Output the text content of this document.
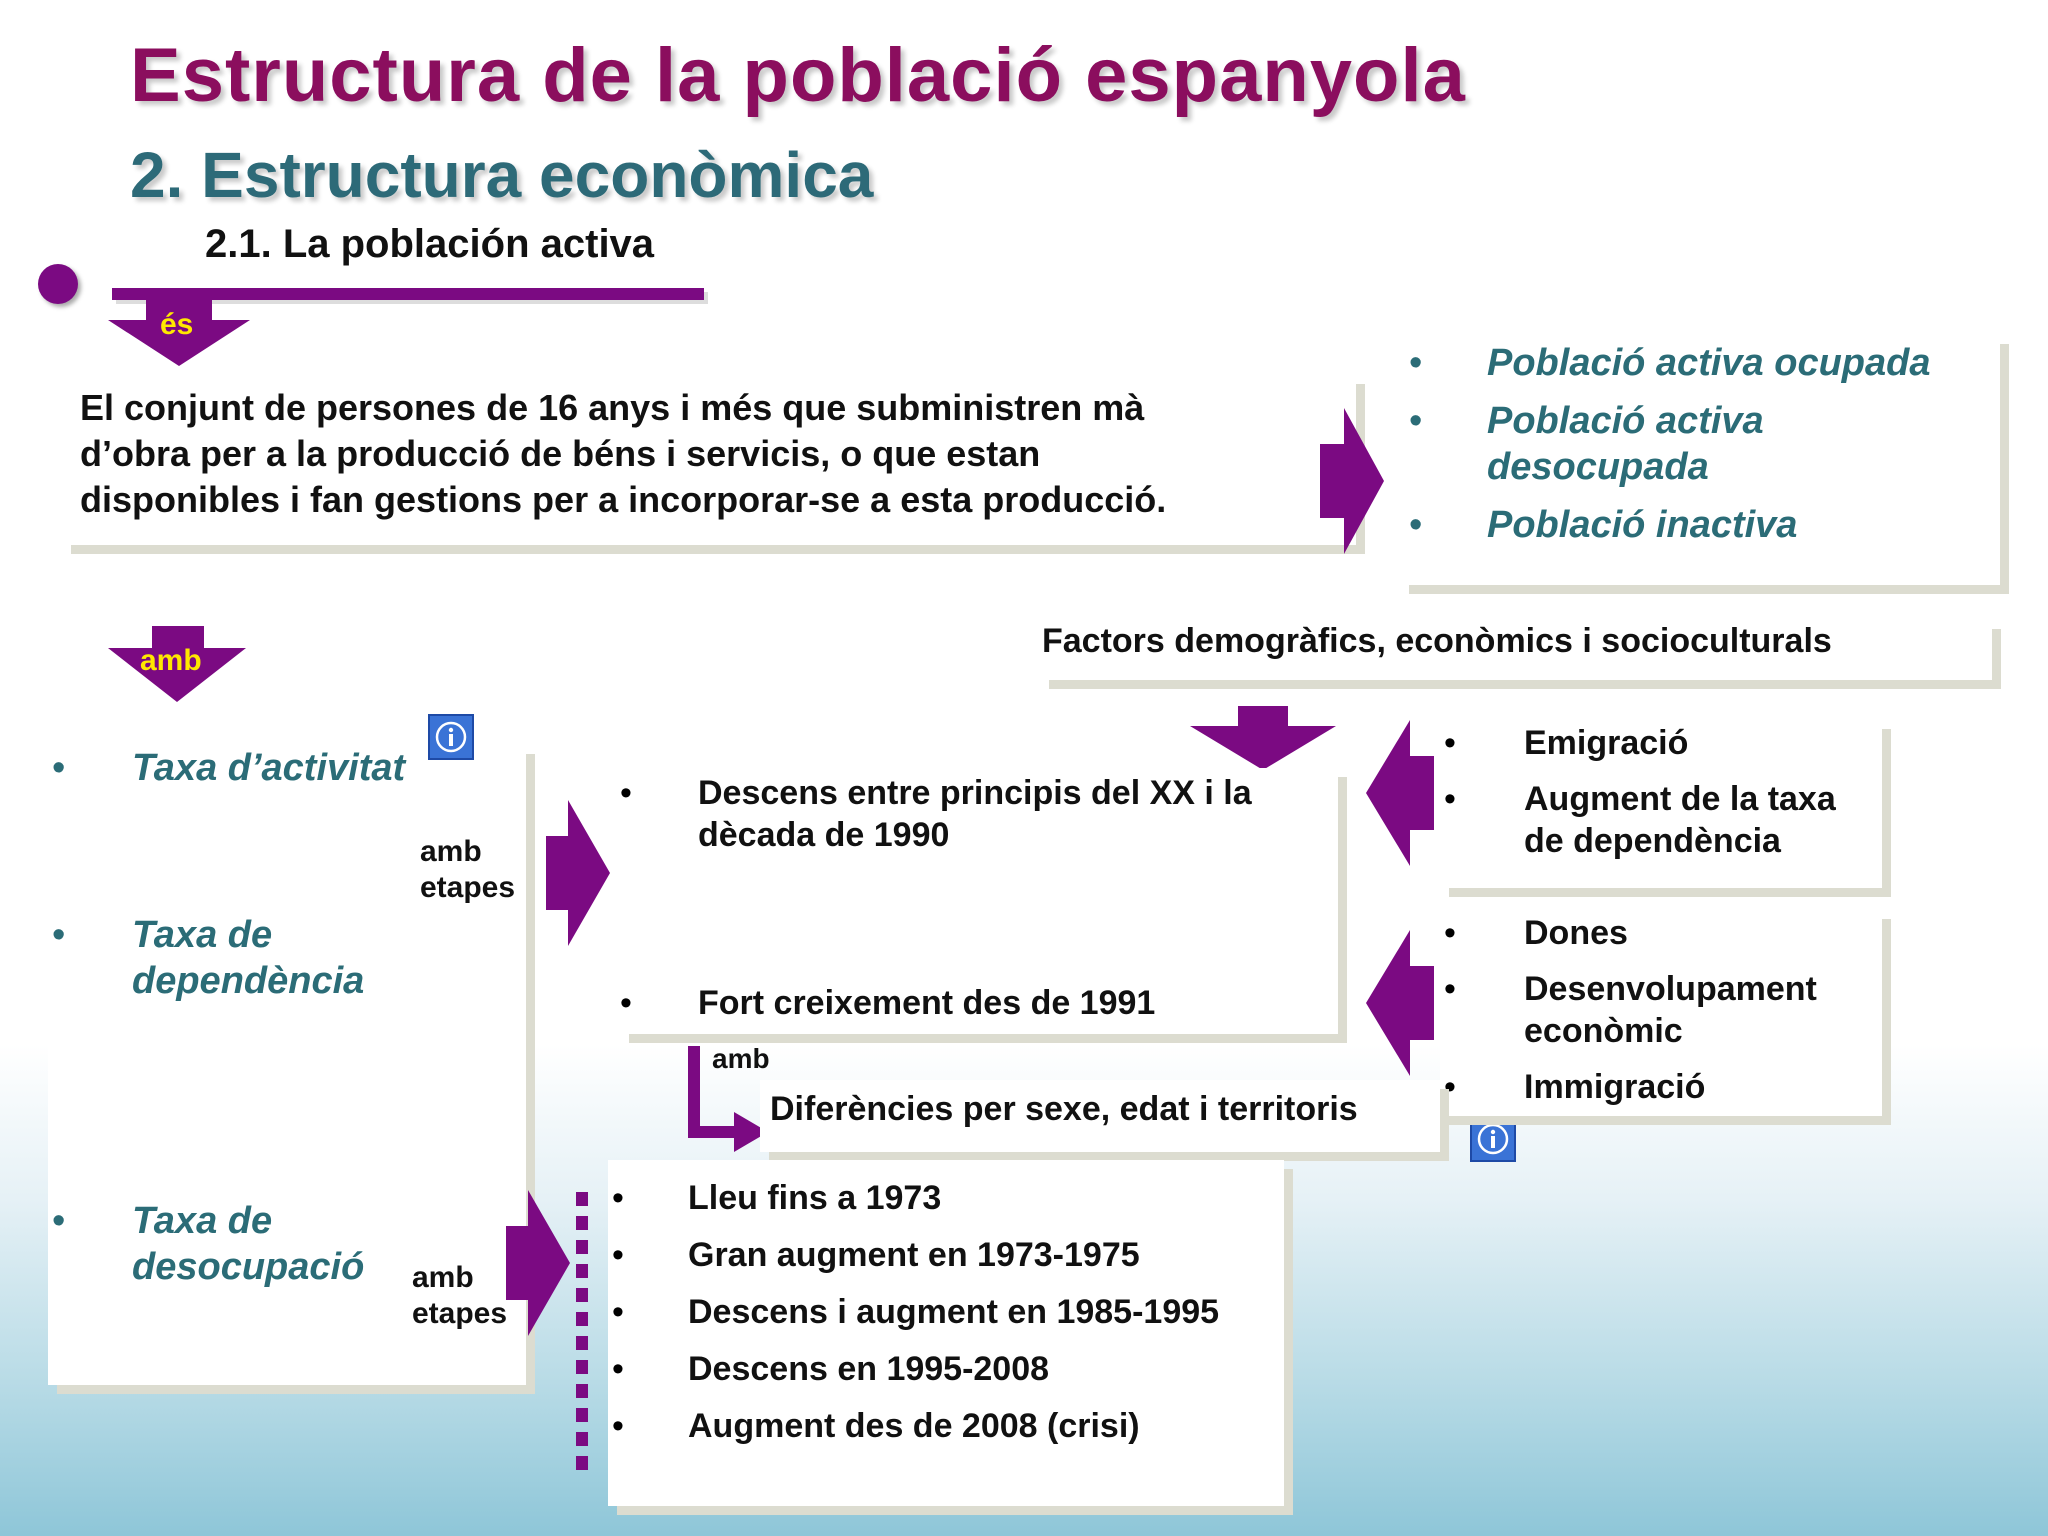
Estructura de la població espanyola
2. Estructura econòmica
2.1. La población activa
és
El conjunt de persones de 16 anys i més que subministren mà
d’obra per a la producció de béns i servicis, o que estan
disponibles i fan gestions per a incorporar-se a esta producció.
• Població activa ocupada
• Població activa desocupada
• Població inactiva
Factors demogràfics, econòmics i socioculturals
amb
• Taxa d’activitat
• Taxa de dependència
• Taxa de desocupació
amb
etapes
amb
etapes
• Descens entre principis del XX i la dècada de 1990
• Fort creixement des de 1991
• Emigració
• Augment de la taxa de dependència
• Dones
• Desenvolupament econòmic
• Immigració
amb
Diferències per sexe, edat i territoris
• Lleu fins a 1973
• Gran augment en 1973-1975
• Descens i augment en 1985-1995
• Descens en 1995-2008
• Augment des de 2008 (crisi)
